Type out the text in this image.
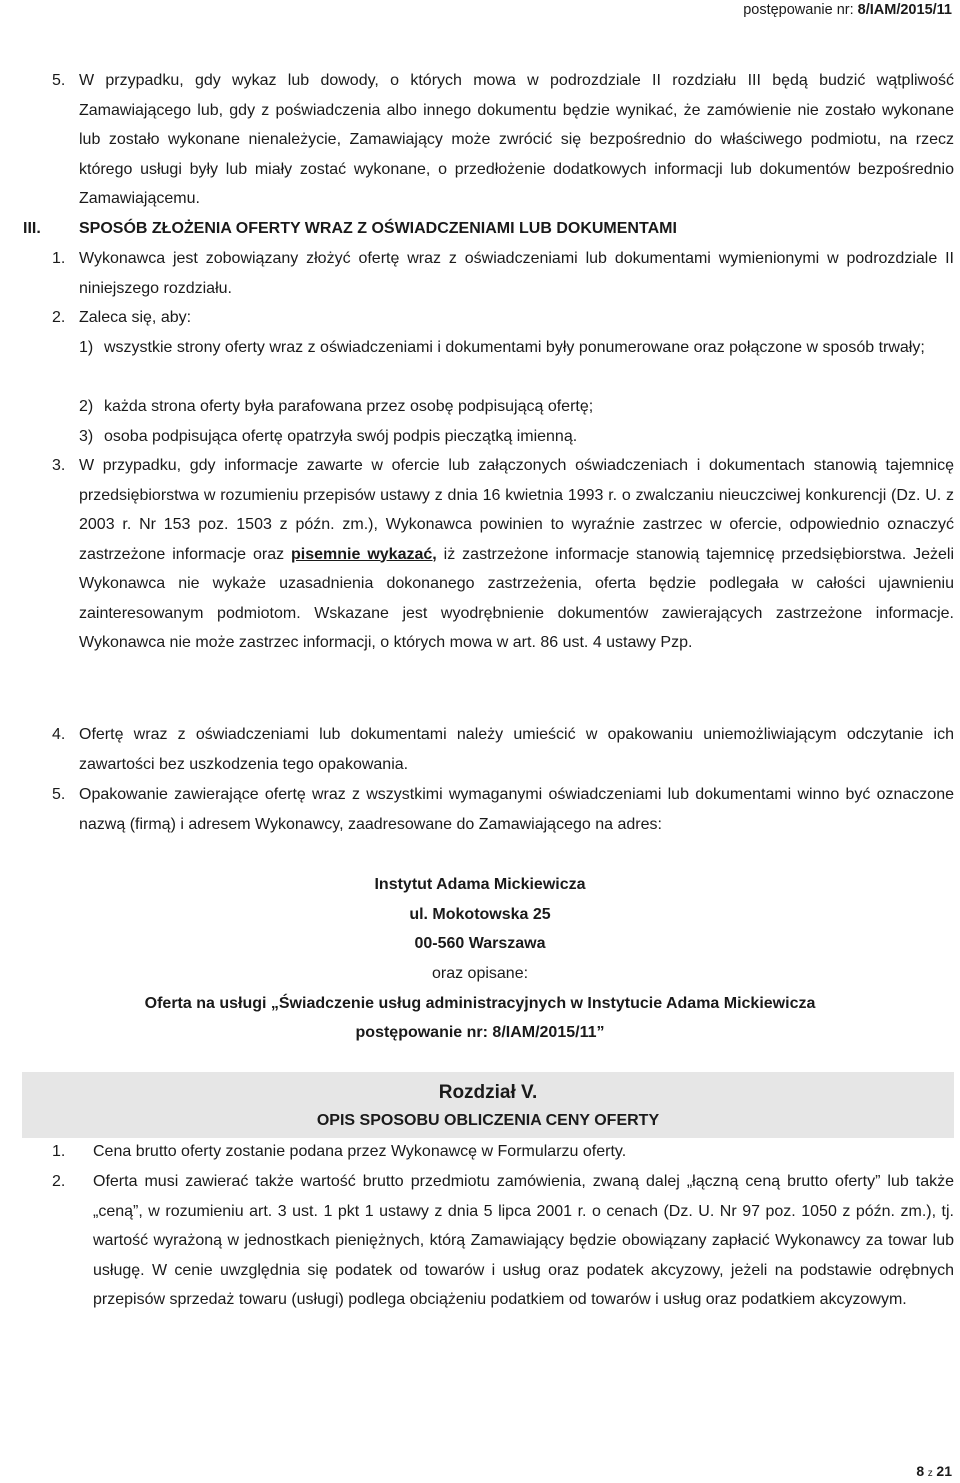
postępowanie nr: 8/IAM/2015/11
5. W przypadku, gdy wykaz lub dowody, o których mowa w podrozdziale II rozdziału III będą budzić wątpliwość Zamawiającego lub, gdy z poświadczenia albo innego dokumentu będzie wynikać, że zamówienie nie zostało wykonane lub zostało wykonane nienależycie, Zamawiający może zwrócić się bezpośrednio do właściwego podmiotu, na rzecz którego usługi były lub miały zostać wykonane, o przedłożenie dodatkowych informacji lub dokumentów bezpośrednio Zamawiającemu.

III. SPOSÓB ZŁOŻENIA OFERTY WRAZ Z OŚWIADCZENIAMI LUB DOKUMENTAMI

1. Wykonawca jest zobowiązany złożyć ofertę wraz z oświadczeniami lub dokumentami wymienionymi w podrozdziale II niniejszego rozdziału.

2. Zaleca się, aby:

1) wszystkie strony oferty wraz z oświadczeniami i dokumentami były ponumerowane oraz połączone w sposób trwały;

2) każda strona oferty była parafowana przez osobę podpisującą ofertę;

3) osoba podpisująca ofertę opatrzyła swój podpis pieczątką imienną.

3. W przypadku, gdy informacje zawarte w ofercie lub załączonych oświadczeniach i dokumentach stanowią tajemnicę przedsiębiorstwa w rozumieniu przepisów ustawy z dnia 16 kwietnia 1993 r. o zwalczaniu nieuczciwej konkurencji (Dz. U. z 2003 r. Nr 153 poz. 1503 z późn. zm.), Wykonawca powinien to wyraźnie zastrzec w ofercie, odpowiednio oznaczyć zastrzeżone informacje oraz pisemnie wykazać, iż zastrzeżone informacje stanowią tajemnicę przedsiębiorstwa. Jeżeli Wykonawca nie wykaże uzasadnienia dokonanego zastrzeżenia, oferta będzie podlegała w całości ujawnieniu zainteresowanym podmiotom. Wskazane jest wyodrębnienie dokumentów zawierających zastrzeżone informacje. Wykonawca nie może zastrzec informacji, o których mowa w art. 86 ust. 4 ustawy Pzp.

4. Ofertę wraz z oświadczeniami lub dokumentami należy umieścić w opakowaniu uniemożliwiającym odczytanie ich zawartości bez uszkodzenia tego opakowania.

5. Opakowanie zawierające ofertę wraz z wszystkimi wymaganymi oświadczeniami lub dokumentami winno być oznaczone nazwą (firmą) i adresem Wykonawcy, zaadresowane do Zamawiającego na adres:

Instytut Adama Mickiewicza

ul. Mokotowska 25

00-560 Warszawa

oraz opisane:

Oferta na usługi „Świadczenie usług administracyjnych w Instytucie Adama Mickiewicza

postępowanie nr: 8/IAM/2015/11”

Rozdział V.

OPIS SPOSOBU OBLICZENIA CENY OFERTY

1. Cena brutto oferty zostanie podana przez Wykonawcę w Formularzu oferty.

2. Oferta musi zawierać także wartość brutto przedmiotu zamówienia, zwaną dalej „łączną ceną brutto oferty” lub także „ceną”, w rozumieniu art. 3 ust. 1 pkt 1 ustawy z dnia 5 lipca 2001 r. o cenach (Dz. U. Nr 97 poz. 1050 z późn. zm.), tj. wartość wyrażoną w jednostkach pieniężnych, którą Zamawiający będzie obowiązany zapłacić Wykonawcy za towar lub usługę. W cenie uwzględnia się podatek od towarów i usług oraz podatek akcyzowy, jeżeli na podstawie odrębnych przepisów sprzedaż towaru (usługi) podlega obciążeniu podatkiem od towarów i usług oraz podatkiem akcyzowym.

8 z 21
